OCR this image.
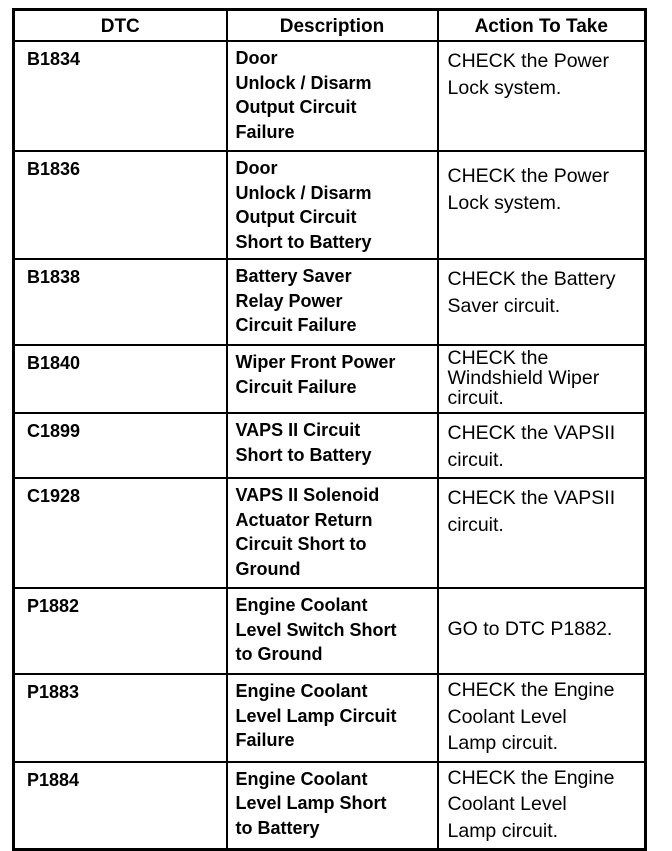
DTC	Description	Action To Take

B1834	Door
Unlock / Disarm
Output Circuit
Failure	CHECK the Power
Lock system.

B1836	Door
Unlock / Disarm
Output Circuit
Short to Battery	CHECK the Power
Lock system.

B1838	Battery Saver
Relay Power
Circuit Failure	CHECK the Battery
Saver circuit.

B1840	Wiper Front Power
Circuit Failure	CHECK the
Windshield Wiper
circuit.

C1899	VAPS II Circuit
Short to Battery	CHECK the VAPSII
circuit.

C1928	VAPS II Solenoid
Actuator Return
Circuit Short to
Ground	CHECK the VAPSII
circuit.

P1882	Engine Coolant
Level Switch Short
to Ground	GO to DTC P1882.

P1883	Engine Coolant
Level Lamp Circuit
Failure	CHECK the Engine
Coolant Level
Lamp circuit.

P1884	Engine Coolant
Level Lamp Short
to Battery	CHECK the Engine
Coolant Level
Lamp circuit.
